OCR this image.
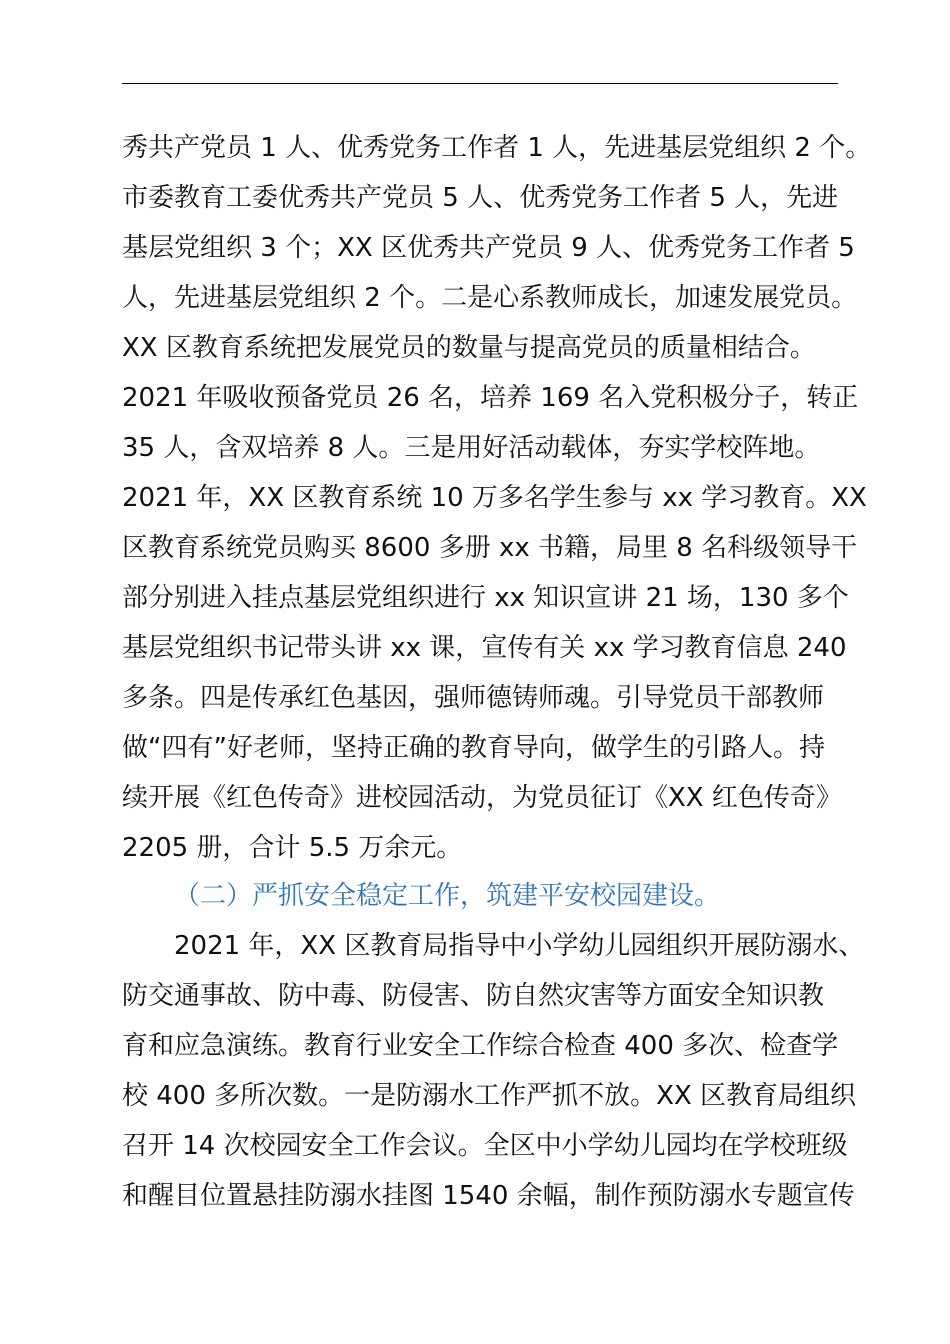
秀共产党员 1 人、优秀党务工作者 1 人，先进基层党组织 2 个。
市委教育工委优秀共产党员 5 人、优秀党务工作者 5 人，先进
基层党组织 3 个；XX 区优秀共产党员 9 人、优秀党务工作者 5
人，先进基层党组织 2 个。二是心系教师成长，加速发展党员。
XX 区教育系统把发展党员的数量与提高党员的质量相结合。
2021 年吸收预备党员 26 名，培养 169 名入党积极分子，转正
35 人，含双培养 8 人。三是用好活动载体，夯实学校阵地。
2021 年，XX 区教育系统 10 万多名学生参与 xx 学习教育。XX
区教育系统党员购买 8600 多册 xx 书籍，局里 8 名科级领导干
部分别进入挂点基层党组织进行 xx 知识宣讲 21 场，130 多个
基层党组织书记带头讲 xx 课，宣传有关 xx 学习教育信息 240
多条。四是传承红色基因，强师德铸师魂。引导党员干部教师
做“四有”好老师，坚持正确的教育导向，做学生的引路人。持
续开展《红色传奇》进校园活动，为党员征订《XX 红色传奇》
2205 册，合计 5.5 万余元。
（二）严抓安全稳定工作，筑建平安校园建设。
2021 年，XX 区教育局指导中小学幼儿园组织开展防溺水、
防交通事故、防中毒、防侵害、防自然灾害等方面安全知识教
育和应急演练。教育行业安全工作综合检查 400 多次、检查学
校 400 多所次数。一是防溺水工作严抓不放。XX 区教育局组织
召开 14 次校园安全工作会议。全区中小学幼儿园均在学校班级
和醒目位置悬挂防溺水挂图 1540 余幅，制作预防溺水专题宣传
